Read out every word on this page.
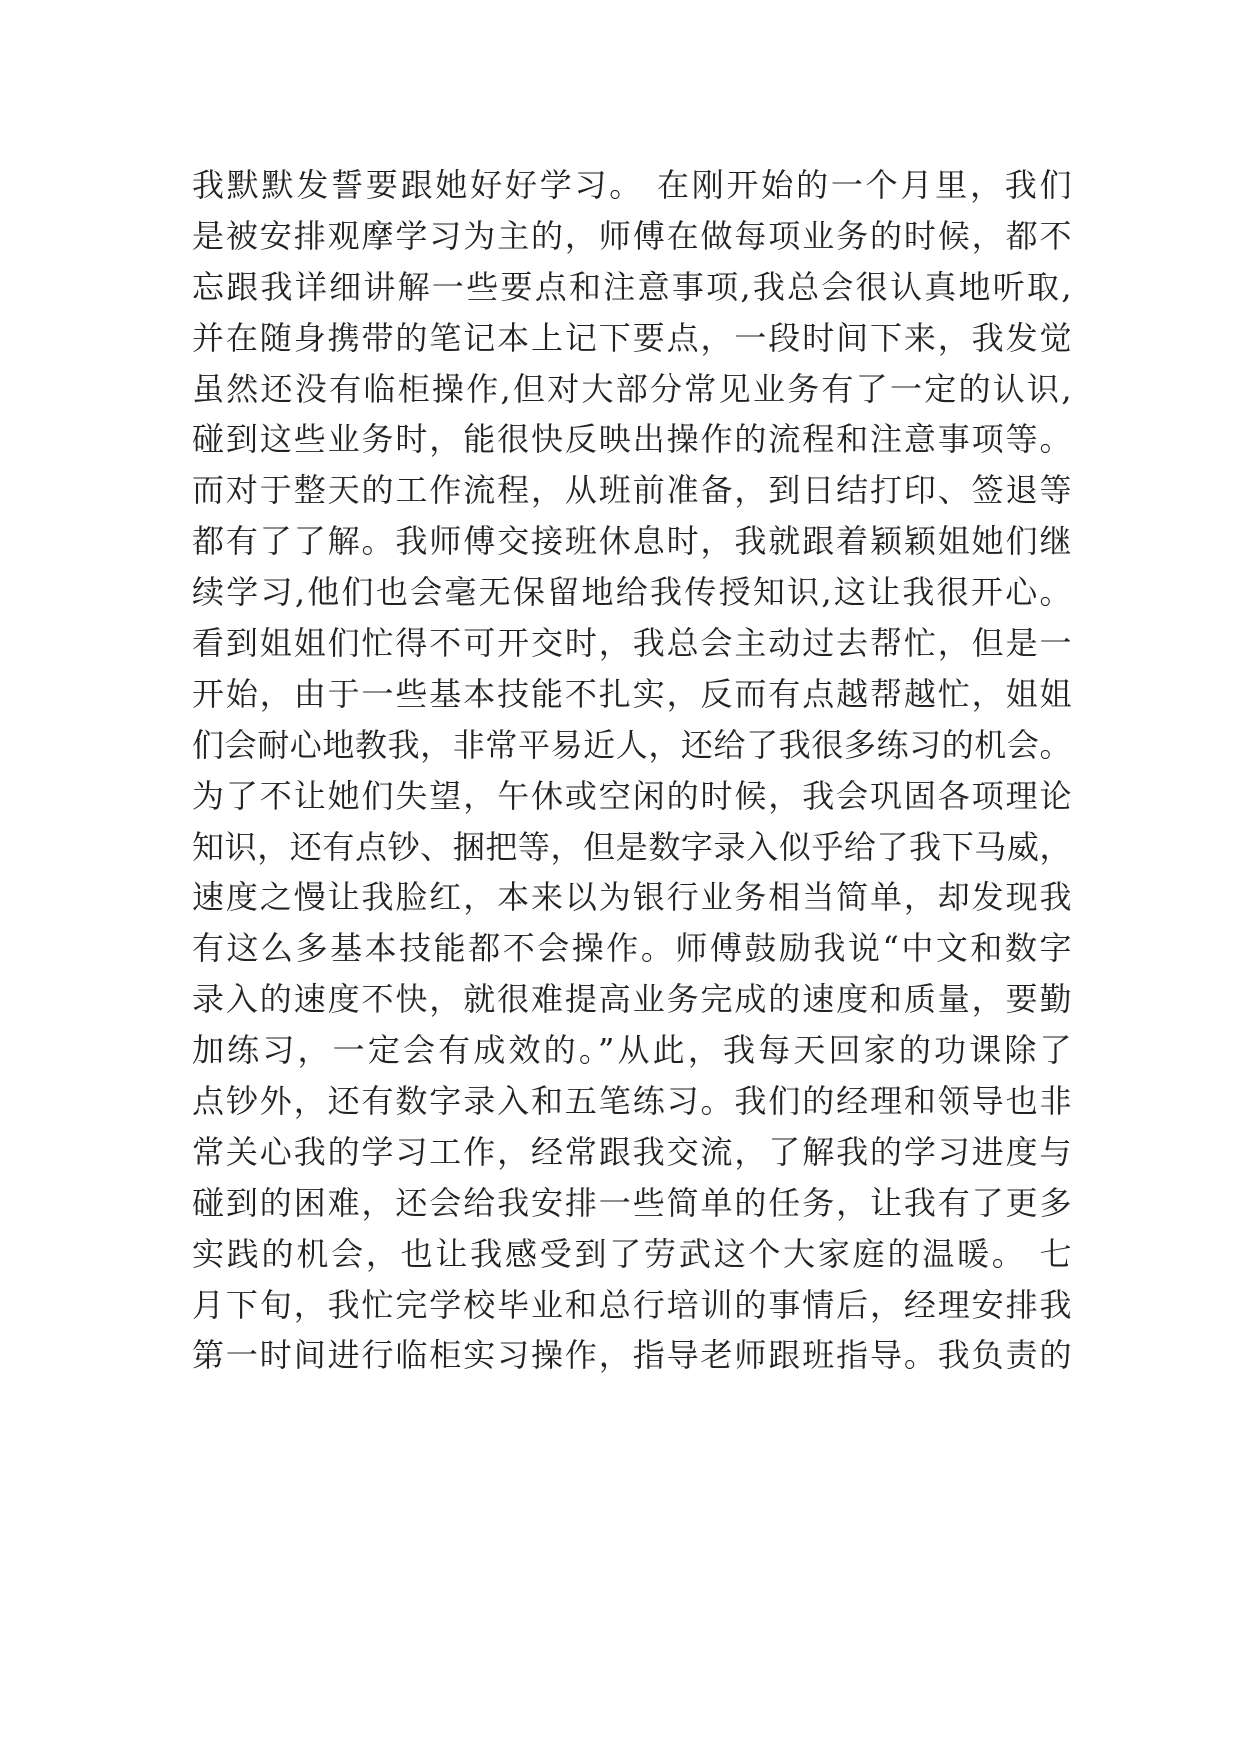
我默默发誓要跟她好好学习。 在刚开始的一个月里，我们
是被安排观摩学习为主的，师傅在做每项业务的时候，都不
忘跟我详细讲解一些要点和注意事项,我总会很认真地听取,
并在随身携带的笔记本上记下要点，一段时间下来，我发觉
虽然还没有临柜操作,但对大部分常见业务有了一定的认识,
碰到这些业务时，能很快反映出操作的流程和注意事项等。
而对于整天的工作流程，从班前准备，到日结打印、签退等
都有了了解。我师傅交接班休息时，我就跟着颖颖姐她们继
续学习,他们也会毫无保留地给我传授知识,这让我很开心。
看到姐姐们忙得不可开交时，我总会主动过去帮忙，但是一
开始，由于一些基本技能不扎实，反而有点越帮越忙，姐姐
们会耐心地教我，非常平易近人，还给了我很多练习的机会。
为了不让她们失望，午休或空闲的时候，我会巩固各项理论
知识，还有点钞、捆把等，但是数字录入似乎给了我下马威，
速度之慢让我脸红，本来以为银行业务相当简单，却发现我
有这么多基本技能都不会操作。师傅鼓励我说“中文和数字
录入的速度不快，就很难提高业务完成的速度和质量，要勤
加练习，一定会有成效的。”从此，我每天回家的功课除了
点钞外，还有数字录入和五笔练习。我们的经理和领导也非
常关心我的学习工作，经常跟我交流，了解我的学习进度与
碰到的困难，还会给我安排一些简单的任务，让我有了更多
实践的机会，也让我感受到了劳武这个大家庭的温暖。 七
月下旬，我忙完学校毕业和总行培训的事情后，经理安排我
第一时间进行临柜实习操作，指导老师跟班指导。我负责的
